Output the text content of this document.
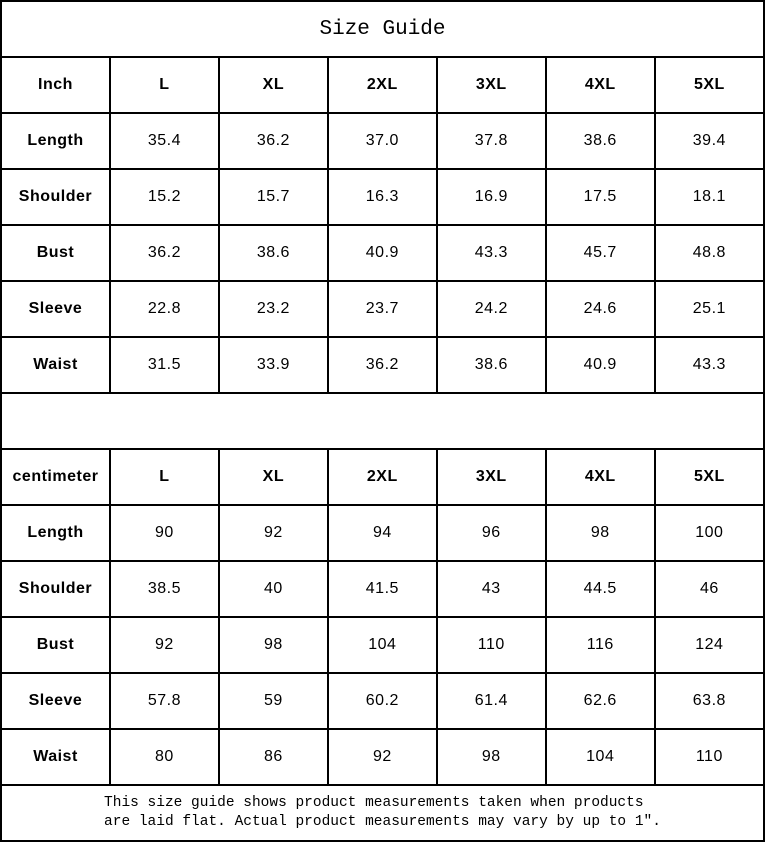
Size Guide						
Inch	L	XL	2XL	3XL	4XL	5XL
Length	35.4	36.2	37.0	37.8	38.6	39.4
Shoulder	15.2	15.7	16.3	16.9	17.5	18.1
Bust	36.2	38.6	40.9	43.3	45.7	48.8
Sleeve	22.8	23.2	23.7	24.2	24.6	25.1
Waist	31.5	33.9	36.2	38.6	40.9	43.3

centimeter	L	XL	2XL	3XL	4XL	5XL
Length	90	92	94	96	98	100
Shoulder	38.5	40	41.5	43	44.5	46
Bust	92	98	104	110	116	124
Sleeve	57.8	59	60.2	61.4	62.6	63.8
Waist	80	86	92	98	104	110

This size guide shows product measurements taken when products
are laid flat. Actual product measurements may vary by up to 1″.						
